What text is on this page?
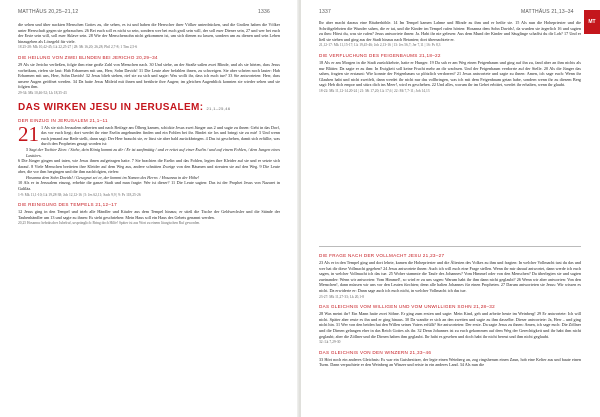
MATTHÄUS 20,25–21,12	1336

die sehen und über nackten Menschen Gottes zu, die sehen, es ist und haben die Herrscher ihrer Völker unterdrücken, und die Großen haben die Völker unter Herrschaft gegen sie gebrauchen. 26 Bei euch soll es nicht so sein, sondern wer bei euch groß sein will, der soll euer Diener sein, 27 und wer bei euch der Erste sein will, soll euer Sklave sein. 28 Wie der Menschensohn nicht gekommen ist, um sich dienen zu lassen, sondern um zu dienen und sein Leben hinzugeben als Lösegeld für viele.

18.25-28: Mk 10,42-45; Lk 22,25-27 | 28: Mt 16,20; 26,28; Phil 2,7-8; 1 Tim 2,5-6

DIE HEILUNG VON ZWEI BLINDEN BEI JERICHO 20,29–34

29 Als sie Jericho verließen, folgte ihm eine große Zahl von Menschen nach. 30 Und siehe, an der Straße saßen zwei Blinde, und als sie hörten, dass Jesus vorbeikam, riefen sie laut: Hab Erbarmen mit uns, Herr, Sohn Davids! 31 Die Leute aber befahlen ihnen, zu schweigen. Sie aber schrien noch lauter: Hab Erbarmen mit uns, Herr, Sohn Davids! 32 Jesus blieb stehen, rief sie zu sich und sagte: Was wollt ihr, dass ich euch tue? 33 Sie antworteten: Herr, dass unsere Augen geöffnet werden. 34 Da hatte Jesus Mitleid mit ihnen und berührte ihre Augen; im gleichen Augenblick konnten sie wieder sehen und sie folgten ihm.

29-34: Mk 10,46-52; Lk 18,35-43

DAS WIRKEN JESU IN JERUSALEM: 21,1–25,46
DER EINZUG IN JERUSALEM 21,1–11

21 1 Als sie sich Jerusalem näherten und nach Betfage am Ölberg kamen, schickte Jesus zwei Jünger aus 2 und sagte zu ihnen: Geht in das Dorf, das vor euch liegt; dort werdet ihr eine Eselin angebunden finden und ein Fohlen bei ihr. Bindet sie los und bringt sie zu mir! 3 Und wenn euch jemand zur Rede stellt, dann sagt: Der Herr braucht sie, er lässt sie aber bald zurückbringen. 4 Das ist geschehen, damit sich erfüllte, was durch den Propheten gesagt worden ist:

5 Sagt der Tochter Zion: / Siehe, dein König kommt zu dir / Er ist sanftmütig / und er reitet auf einer Eselin / und auf einem Fohlen, / dem Jungen eines Lasttiers.

6 Die Jünger gingen und taten, wie Jesus ihnen aufgetragen hatte. 7 Sie brachten die Eselin und das Fohlen, legten ihre Kleider auf sie und er setzte sich darauf. 8 Viele Menschen breiteten ihre Kleider auf dem Weg aus, andere schnitten Zweige von den Bäumen und streuten sie auf den Weg. 9 Die Leute aber, die vor ihm hergingen und die ihm nachfolgten, riefen:

Hosanna dem Sohn Davids! / Gesegnet sei er, der kommt im Namen des Herrn. / Hosanna in der Höhe!

10 Als er in Jerusalem einzog, erbebte die ganze Stadt und man fragte: Wer ist dieser? 11 Die Leute sagten: Das ist der Prophet Jesus von Nazaret in Galiläa.

1-9: Mk 11,1-10; Lk 19,28-38; Joh 12,12-16 | 5: Jes 62,11; Sach 9,9 | 9: Ps 118,25-26

DIE REINIGUNG DES TEMPELS 21,12–17

12 Jesus ging in den Tempel und trieb alle Händler und Käufer aus dem Tempel hinaus; er stieß die Tische der Geldwechsler und die Stände der Taubenhändler um 13 und sagte zu ihnen: Es steht geschrieben: Mein Haus soll ein Haus des Gebets genannt werden.

20,25 Hosanna: hebräischer Jubelruf, ursprünglich: Bring doch Hilfe! Später ist aus Wort zu einem liturgischen Ruf geworden.

1337	MATTHÄUS 21,13–34
MT

Ihr aber macht daraus eine Räuberhöhle. 14 Im Tempel kamen Lahme und Blinde zu ihm und er heilte sie. 15 Als nun die Hohepriester und die Schriftgelehrten die Wunder sahen, die er tat, und die Kinder im Tempel rufen hörten: Hosanna dem Sohn Davids!, da wurden sie ärgerlich 16 und sagten zu ihm: Hörst du, was sie rufen? Jesus antwortete ihnen: Ja. Habt ihr nie gelesen: Aus dem Mund der Kinder und Säuglinge schaffst du dir Lob? 17 Und er ließ sie stehen und ging aus der Stadt hinaus nach Betanien; dort übernachtete er.

21,12-17: Mk 11,15-17; Lk 19,45-46; Joh 2,13-16 | 13: Jes 56,7; Jer 7,11 | 16: Ps 8,3

DIE VERFLUCHUNG DES FEIGENBAUMS 21,18–22

18 Als er am Morgen in die Stadt zurückkehrte, hatte er Hunger. 19 Da sah er am Weg einen Feigenbaum und ging auf ihn zu, fand aber an ihm nichts als nur Blätter. Da sagte er zu ihm: In Ewigkeit soll keine Frucht mehr an dir wachsen. Und der Feigenbaum verdorrte auf der Stelle. 20 Als die Jünger das sahen, fragten sie erstaunt: Wie konnte der Feigenbaum so plötzlich verdorren? 21 Jesus antwortete und sagte zu ihnen: Amen, ich sage euch: Wenn ihr Glauben habt und nicht zweifelt, dann werdet ihr nicht nur das vollbringen, was ich mit dem Feigenbaum getan habe, sondern wenn ihr zu diesem Berg sagt: Heb dich empor und stürz dich ins Meer!, wird es geschehen. 22 Und alles, worum ihr im Gebet erbittet, werdet ihr erhalten, wenn ihr glaubt.

18-22: Mk 11,12-14.20-24 | 21: Mt 17,20; Lk 17,6 | 22: Mt 7,7-11; Joh 14,13

DIE FRAGE NACH DER VOLLMACHT JESU 21,23–27

23 Als er in den Tempel ging und dort lehrte, kamen die Hohepriester und die Ältesten des Volkes zu ihm und fragten: In welcher Vollmacht tust du das und wer hat dir diese Vollmacht gegeben? 24 Jesus antwortete ihnen: Auch ich will euch eine Frage stellen. Wenn ihr mir darauf antwortet, dann werde ich euch sagen, in welcher Vollmacht ich das tue. 25 Woher stammte die Taufe des Johannes? Vom Himmel oder von den Menschen? Da überlegten sie und sagten zueinander: Wenn wir antworten: Vom Himmel!, so wird er zu uns sagen: Warum habt ihr ihm dann nicht geglaubt? 26 Wenn wir aber antworten: Von den Menschen!, dann müssen wir uns vor den Leuten fürchten; denn alle halten Johannes für einen Propheten. 27 Darum antworteten sie Jesus: Wir wissen es nicht. Da erwiderte er: Dann sage auch ich euch nicht, in welcher Vollmacht ich das tue.

23-27: Mk 11,27-33; Lk 20,1-8

DAS GLEICHNIS VOM WILLIGEN UND VOM UNWILLIGEN SOHN 21,28–32

28 Was meint ihr? Ein Mann hatte zwei Söhne. Er ging zum ersten und sagte: Mein Kind, geh und arbeite heute im Weinberg! 29 Er antwortete: Ich will nicht. Später aber reute es ihn und er ging hinaus. 30 Da wandte er sich an den zweiten und sagte zu ihm dasselbe. Dieser antwortete: Ja, Herr – und ging nicht hin. 31 Wer von den beiden hat den Willen seines Vaters erfüllt? Sie antworteten: Der erste. Da sagte Jesus zu ihnen: Amen, ich sage euch: Die Zöllner und die Dirnen gelangen eher in das Reich Gottes als ihr. 32 Denn Johannes ist zu euch gekommen auf dem Weg der Gerechtigkeit und ihr habt ihm nicht geglaubt; aber die Zöllner und die Dirnen haben ihm geglaubt. Ihr habt es gesehen und doch habt ihr nicht bereut und ihm nicht geglaubt.

32: Lk 7,29-30

DAS GLEICHNIS VON DEN WINZERN 21,33–46

33 Hört noch ein anderes Gleichnis: Es war ein Gutsbesitzer, der legte einen Weinberg an, zog ringsherum einen Zaun, hob eine Kelter aus und baute einen Turm. Dann verpachtete er den Weinberg an Winzer und reiste in ein anderes Land. 34 Als nun die
